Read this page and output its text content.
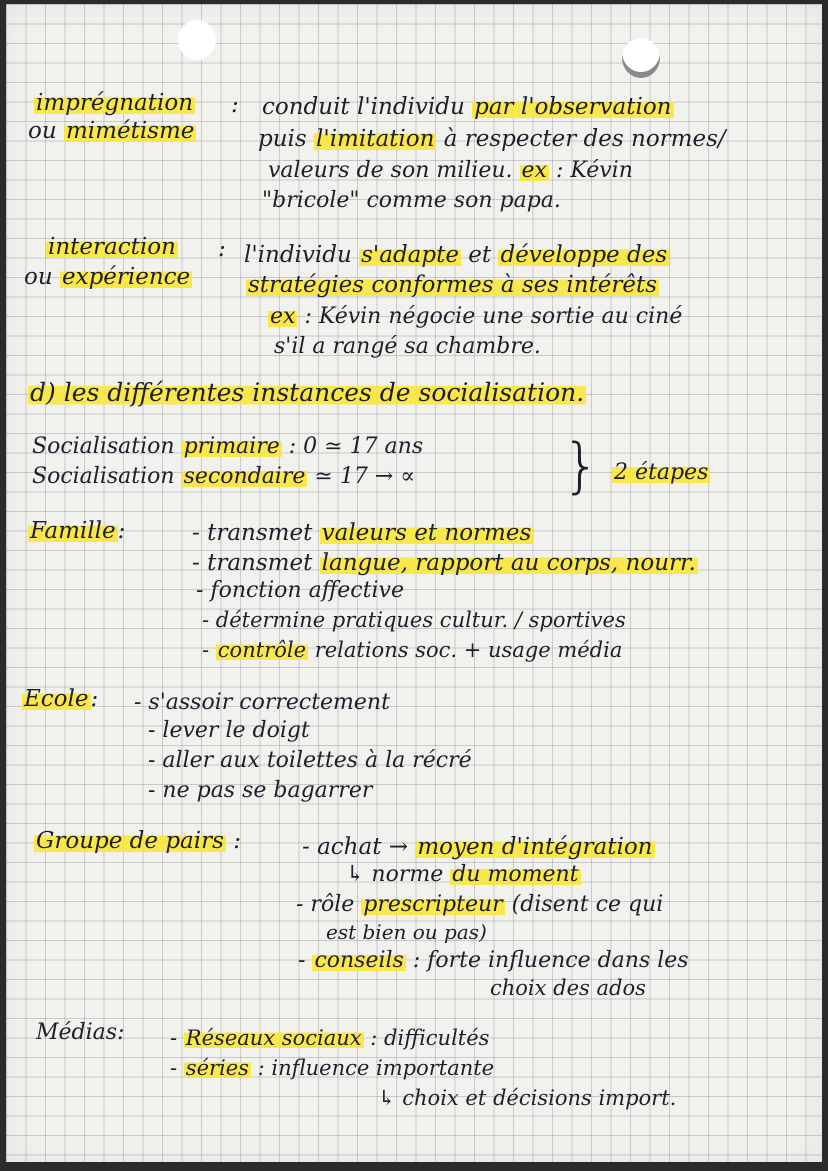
imprégnation :
ou mimétisme
conduit l'individu par l'observation
puis l'imitation à respecter des normes/
valeurs de son milieu. ex : Kévin
"bricole" comme son papa.
interaction :
ou expérience
l'individu s'adapte et développe des
stratégies conformes à ses intérêts
ex : Kévin négocie une sortie au ciné
s'il a rangé sa chambre.
d) les différentes instances de socialisation.
Socialisation primaire : 0 ≃ 17 ans
Socialisation secondaire ≃ 17 → ∝ } 2 étapes
Famille:	- transmet valeurs et normes
- transmet langue, rapport au corps, nourr.
- fonction affective
- détermine pratiques cultur. / sportives
- contrôle relations soc. + usage média
Ecole: - s'assoir correctement
- lever le doigt
- aller aux toilettes à la récré
- ne pas se bagarrer
Groupe de pairs :	- achat → moyen d'intégration
↳ norme du moment
- rôle prescripteur (disent ce qui
est bien ou pas)
- conseils : forte influence dans les
choix des ados
Médias: - Réseaux sociaux : difficultés
- séries : influence importante
↳ choix et décisions import.
